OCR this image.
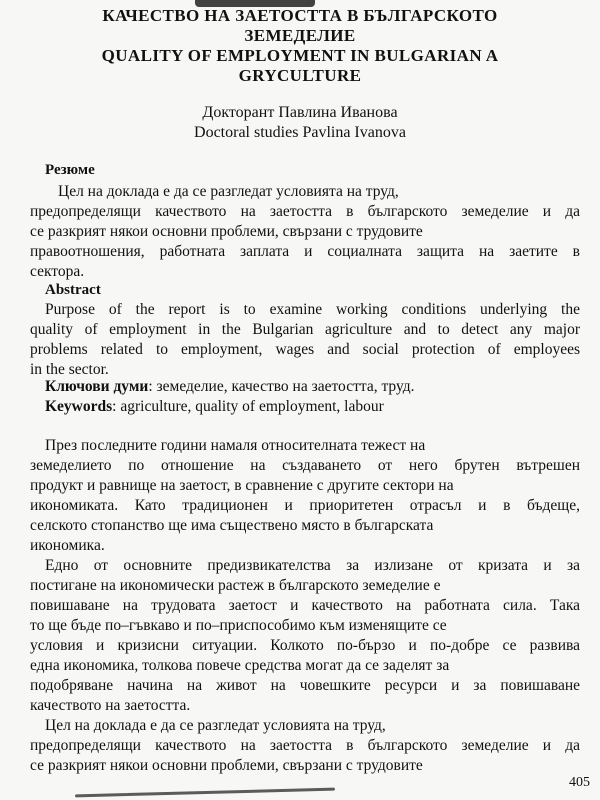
КАЧЕСТВО НА ЗАЕТОСТТА В БЪЛГАРСКОТО
ЗЕМЕДЕЛИЕ
QUALITY OF EMPLOYMENT IN BULGARIAN A
GRYCULTURE
Докторант Павлина Иванова
Doctoral studies Pavlina Ivanova
Резюме
Цел на доклада е да се разгледат условията на труд,
предопределящи качеството на заетостта в българското земеделие и да
се разкрият някои основни проблеми, свързани с трудовите
правоотношения, работната заплата и социалната защита на заетите в
сектора.
Abstract
Purpose of the report is to examine working conditions underlying the
quality of employment in the Bulgarian agriculture and to detect any major
problems related to employment, wages and social protection of employees
in the sector.
Ключови думи: земеделие, качество на заетостта, труд.
Keywords: agriculture, quality of employment, labour
През последните години намаля относителната тежест на
земеделието по отношение на създаването от него брутен вътрешен
продукт и равнище на заетост, в сравнение с другите сектори на
икономиката. Като традиционен и приоритетен отрасъл и в бъдеще,
селското стопанство ще има съществено място в българската
икономика.
Едно от основните предизвикателства за излизане от кризата и за
постигане на икономически растеж в българското земеделие е
повишаване на трудовата заетост и качеството на работната сила. Така
то ще бъде по–гъвкаво и по–приспособимо към изменящите се
условия и кризисни ситуации. Колкото по-бързо и по-добре се развива
една икономика, толкова повече средства могат да се заделят за
подобряване начина на живот на човешките ресурси и за повишаване
качеството на заетостта.
Цел на доклада е да се разгледат условията на труд,
предопределящи качеството на заетостта в българското земеделие и да
се разкрият някои основни проблеми, свързани с трудовите
405
